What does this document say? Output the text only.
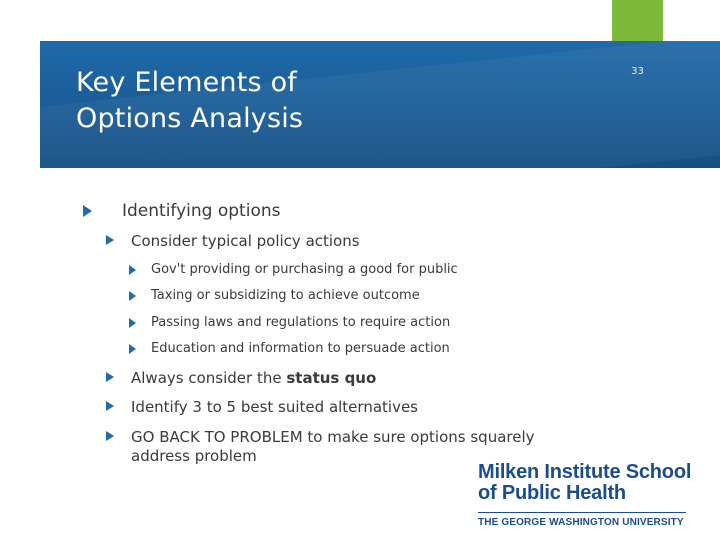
Key Elements of
Options Analysis
33
Identifying options
Consider typical policy actions
Gov't providing or purchasing a good for public
Taxing or subsidizing to achieve outcome
Passing laws and regulations to require action
Education and information to persuade action
Always consider the status quo
Identify 3 to 5 best suited alternatives
GO BACK TO PROBLEM to make sure options squarely
address problem
Milken Institute School
of Public Health
THE GEORGE WASHINGTON UNIVERSITY
